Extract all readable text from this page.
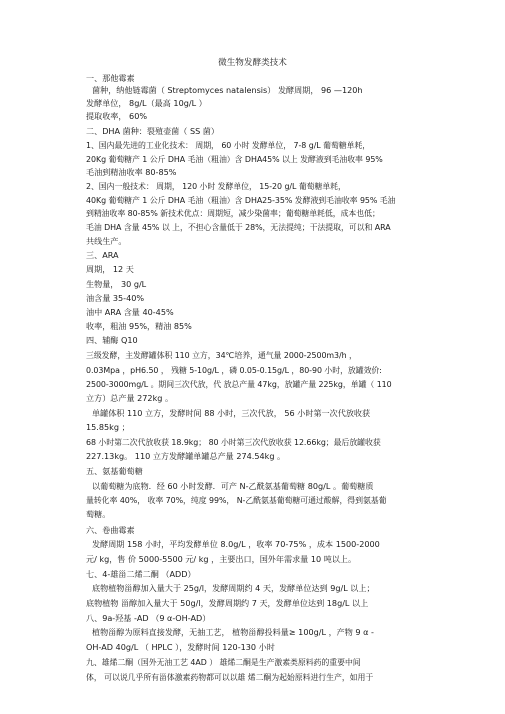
微生物发酵类技术
一、那他霉素
菌种，纳他链霉菌（ Streptomyces natalensis） 发酵周期， 96 —120h
发酵单位， 8g/L（最高 10g/L ）
提取收率， 60%
二、DHA 菌种：裂殖壶菌（ SS 菌）
1、国内最先进的工业化技术： 周期， 60 小时 发酵单位， 7-8 g/L 葡萄糖单耗，
20Kg 葡萄糖产 1 公斤 DHA 毛油（粗油）含 DHA45% 以上 发酵液到毛油收率 95%
毛油到精油收率 80-85%
2、国内一般技术： 周期， 120 小时 发酵单位， 15-20 g/L 葡萄糖单耗，
40Kg 葡萄糖产 1 公斤 DHA 毛油（粗油）含 DHA25-35% 发酵液到毛油收率 95% 毛油
到精油收率 80-85% 新技术优点：周期短，减少染菌率；葡萄糖单耗低，成本也低；
毛油 DHA 含量 45% 以 上，不担心含量低于 28%，无法提纯；干法提取，可以和 ARA
共线生产。
三、ARA
周期， 12 天
生物量， 30 g/L
油含量 35-40%
油中 ARA 含量 40-45%
收率，粗油 95%，精油 85%
四、辅酶 Q10
三级发酵，主发酵罐体积 110 立方，34℃培养，通气量 2000-2500m3/h ，
0.03Mpa ，pH6.50 ， 残糖 5-10g/L ，磷 0.05-0.15g/L ，80-90 小时，放罐效价:
2500-3000mg/L 。期间三次代放，代 放总产量 47kg，放罐产量 225kg，单罐（ 110
立方）总产量 272kg 。
单罐体积 110 立方，发酵时间 88 小时，三次代放， 56 小时第一次代放收获
15.85kg ；
68 小时第二次代放收获 18.9kg； 80 小时第三次代放收获 12.66kg；最后放罐收获
227.13kg。 110 立方发酵罐单罐总产量 274.54kg 。
五、氨基葡萄糖
以葡萄糖为底物．经 60 小时发酵．可产 N-乙酰氨基葡萄糖 80g/L 。葡萄糖质
量转化率 40%， 收率 70%，纯度 99%， N-乙酰氨基葡萄糖可通过酸解，得到氨基葡
萄糖。
六、卷曲霉素
发酵周期 158 小时，平均发酵单位 8.0g/L ，收率 70-75% ，成本 1500-2000
元/ kg，售 价 5000-5500 元/ kg ，主要出口，国外年需求量 10 吨以上。
七、4-雄甾二烯二酮 （ADD）
底物植物甾醇加入量大于 25g/l，发酵周期约 4 天，发酵单位达到 9g/L 以上；
底物植物 甾醇加入量大于 50g/l，发酵周期约 7 天，发酵单位达到 18g/L 以上
八、9a-羟基 -AD （9 α-OH-AD）
植物甾醇为原料直接发酵，无抽工艺， 植物甾醇投料量≥ 100g/L ，产物 9 α -
OH-AD 40g/L （ HPLC ），发酵时间 120-130 小时
九、雄烯二酮（国外无油工艺 4AD ） 雄烯二酮是生产激素类原料药的重要中间
体， 可以说几乎所有甾体激素药物都可以以雄 烯二酮为起始原料进行生产，如用于
